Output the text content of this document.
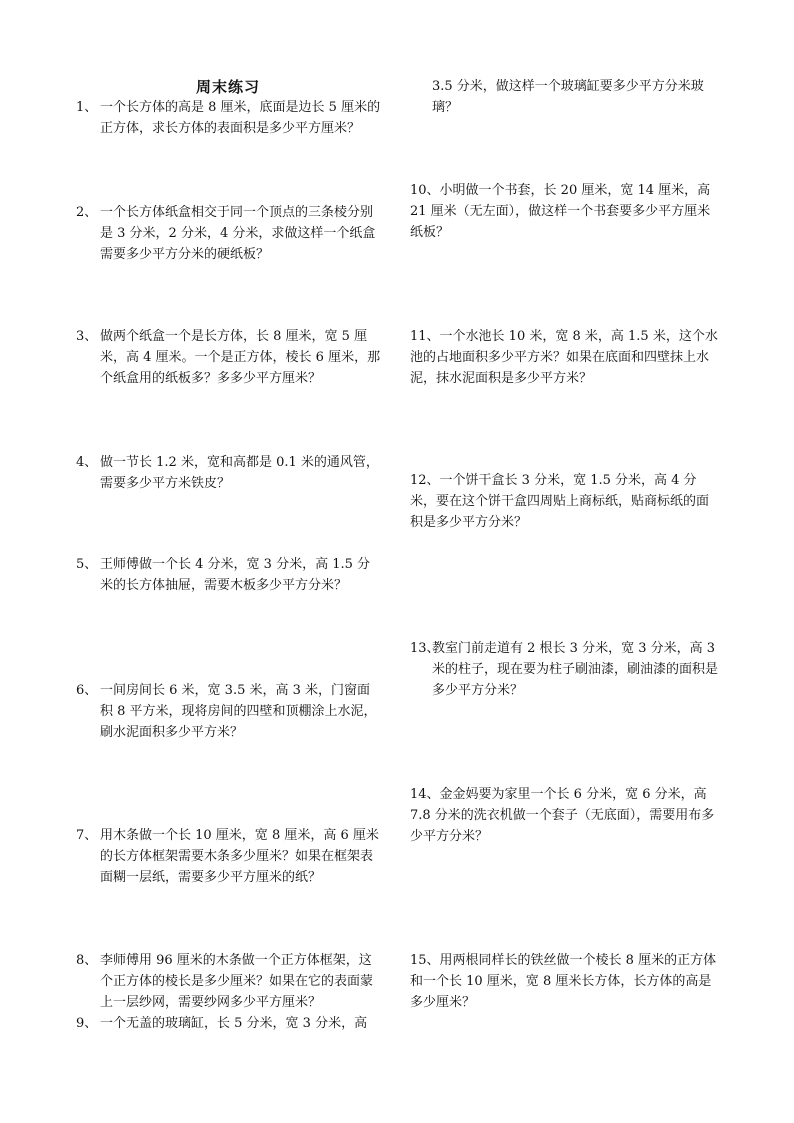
周末练习
1、 一个长方体的高是 8 厘米，底面是边长 5 厘米的正方体，求长方体的表面积是多少平方厘米？
2、 一个长方体纸盒相交于同一个顶点的三条棱分别是 3 分米，2 分米，4 分米，求做这样一个纸盒需要多少平方分米的硬纸板？
3、 做两个纸盒一个是长方体，长 8 厘米，宽 5 厘米，高 4 厘米。一个是正方体，棱长 6 厘米，那个纸盒用的纸板多？多多少平方厘米？
4、 做一节长 1.2 米，宽和高都是 0.1 米的通风管，需要多少平方米铁皮？
5、 王师傅做一个长 4 分米，宽 3 分米，高 1.5 分米的长方体抽屉，需要木板多少平方分米？
6、 一间房间长 6 米，宽 3.5 米，高 3 米，门窗面积 8 平方米，现将房间的四壁和顶棚涂上水泥，刷水泥面积多少平方米？
7、 用木条做一个长 10 厘米，宽 8 厘米，高 6 厘米的长方体框架需要木条多少厘米？如果在框架表面糊一层纸，需要多少平方厘米的纸？
8、 李师傅用 96 厘米的木条做一个正方体框架，这个正方体的棱长是多少厘米？如果在它的表面蒙上一层纱网，需要纱网多少平方厘米？
9、 一个无盖的玻璃缸，长 5 分米，宽 3 分米，高
3.5 分米，做这样一个玻璃缸要多少平方分米玻璃？
10、小明做一个书套，长 20 厘米，宽 14 厘米，高 21 厘米（无左面），做这样一个书套要多少平方厘米纸板？
11、一个水池长 10 米，宽 8 米，高 1.5 米，这个水池的占地面积多少平方米？如果在底面和四壁抹上水泥，抹水泥面积是多少平方米？
12、一个饼干盒长 3 分米，宽 1.5 分米，高 4 分米，要在这个饼干盒四周贴上商标纸，贴商标纸的面积是多少平方分米？
13、
教室门前走道有 2 根长 3 分米，宽 3 分米，高 3 米的柱子，现在要为柱子刷油漆，刷油漆的面积是多少平方分米？
14、金金妈要为家里一个长 6 分米，宽 6 分米，高 7.8 分米的洗衣机做一个套子（无底面），需要用布多少平方分米？
15、用两根同样长的铁丝做一个棱长 8 厘米的正方体和一个长 10 厘米，宽 8 厘米长方体，长方体的高是多少厘米？
